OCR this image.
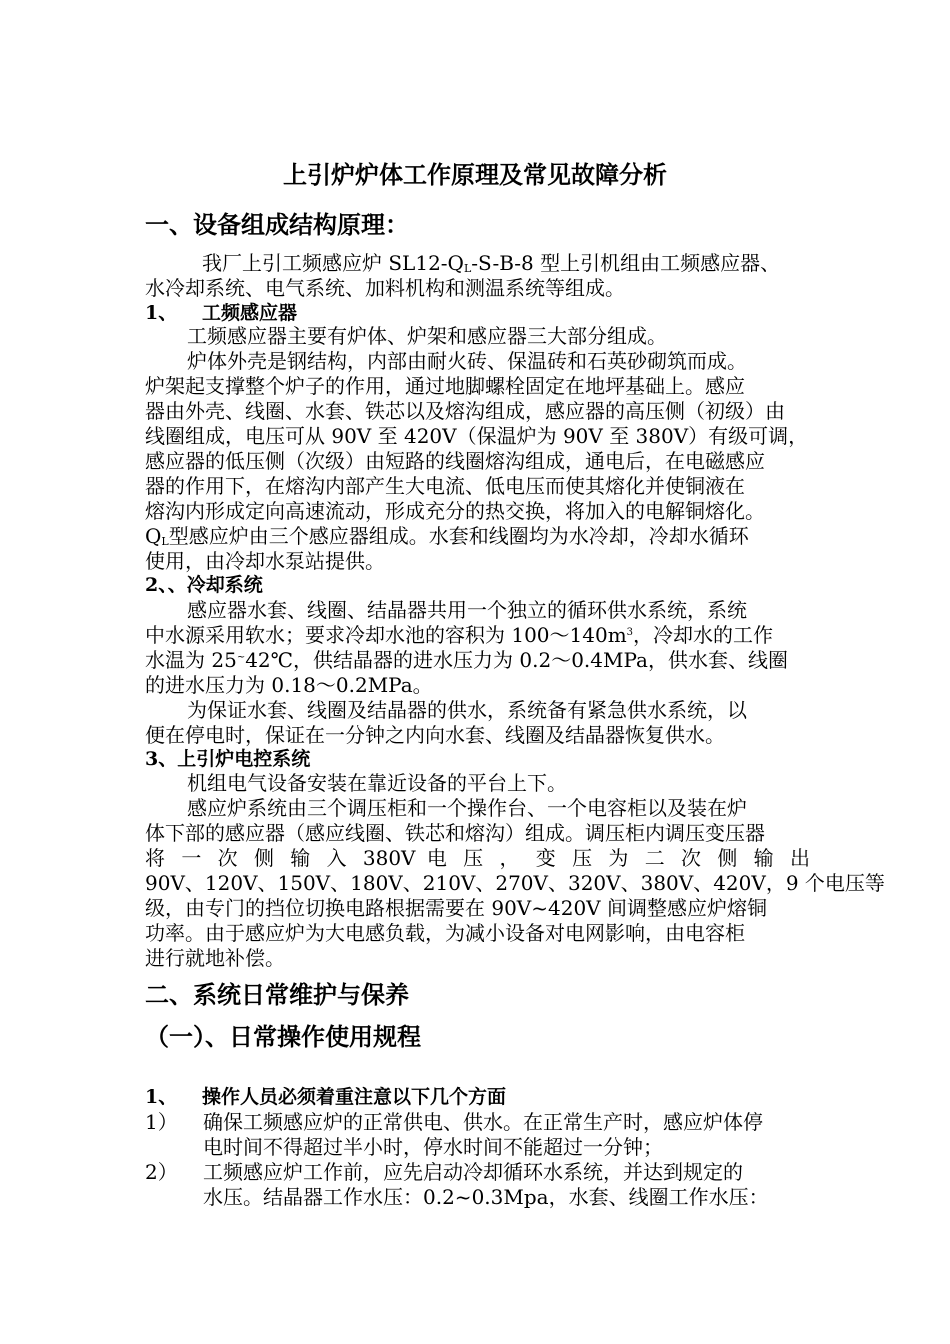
上引炉炉体工作原理及常见故障分析
一、设备组成结构原理：
我厂上引工频感应炉 $SL12-Q_L-S-B-8$ 型上引机组由工频感应器、
水冷却系统、电气系统、加料机构和测温系统等组成。
1、 工频感应器
工频感应器主要有炉体、炉架和感应器三大部分组成。
炉体外壳是钢结构，内部由耐火砖、保温砖和石英砂砌筑而成。
炉架起支撑整个炉子的作用，通过地脚螺栓固定在地坪基础上。感应
器由外壳、线圈、水套、铁芯以及熔沟组成，感应器的高压侧（初级）由
线圈组成，电压可从 90V 至 420V（保温炉为 90V 至 380V）有级可调，
感应器的低压侧（次级）由短路的线圈熔沟组成，通电后，在电磁感应
器的作用下，在熔沟内部产生大电流、低电压而使其熔化并使铜液在
熔沟内形成定向高速流动，形成充分的热交换，将加入的电解铜熔化。
$Q_L$型感应炉由三个感应器组成。水套和线圈均为水冷却，冷却水循环
使用，由冷却水泵站提供。
2、、冷却系统
感应器水套、线圈、结晶器共用一个独立的循环供水系统，系统
中水源采用软水；要求冷却水池的容积为 $100\sim 140m^3$，冷却水的工作
水温为 25~42℃，供结晶器的进水压力为 0.2～0.4MPa，供水套、线圈
的进水压力为 0.18～0.2MPa。
为保证水套、线圈及结晶器的供水，系统备有紧急供水系统，以
便在停电时，保证在一分钟之内向水套、线圈及结晶器恢复供水。
3、上引炉电控系统
机组电气设备安装在靠近设备的平台上下。
感应炉系统由三个调压柜和一个操作台、一个电容柜以及装在炉
体下部的感应器（感应线圈、铁芯和熔沟）组成。调压柜内调压变压器
将 一 次 侧 输 入 380V 电 压 ， 变 压 为 二 次 侧 输 出
90V、120V、150V、180V、210V、270V、320V、380V、420V，9 个电压等
级，由专门的挡位切换电路根据需要在 90V~420V 间调整感应炉熔铜
功率。由于感应炉为大电感负载，为减小设备对电网影响，由电容柜
进行就地补偿。
二、系统日常维护与保养
（一）、日常操作使用规程
1、 操作人员必须着重注意以下几个方面
1） 确保工频感应炉的正常供电、供水。在正常生产时，感应炉体停
电时间不得超过半小时，停水时间不能超过一分钟；
2） 工频感应炉工作前，应先启动冷却循环水系统，并达到规定的
水压。结晶器工作水压：0.2~0.3Mpa，水套、线圈工作水压：
